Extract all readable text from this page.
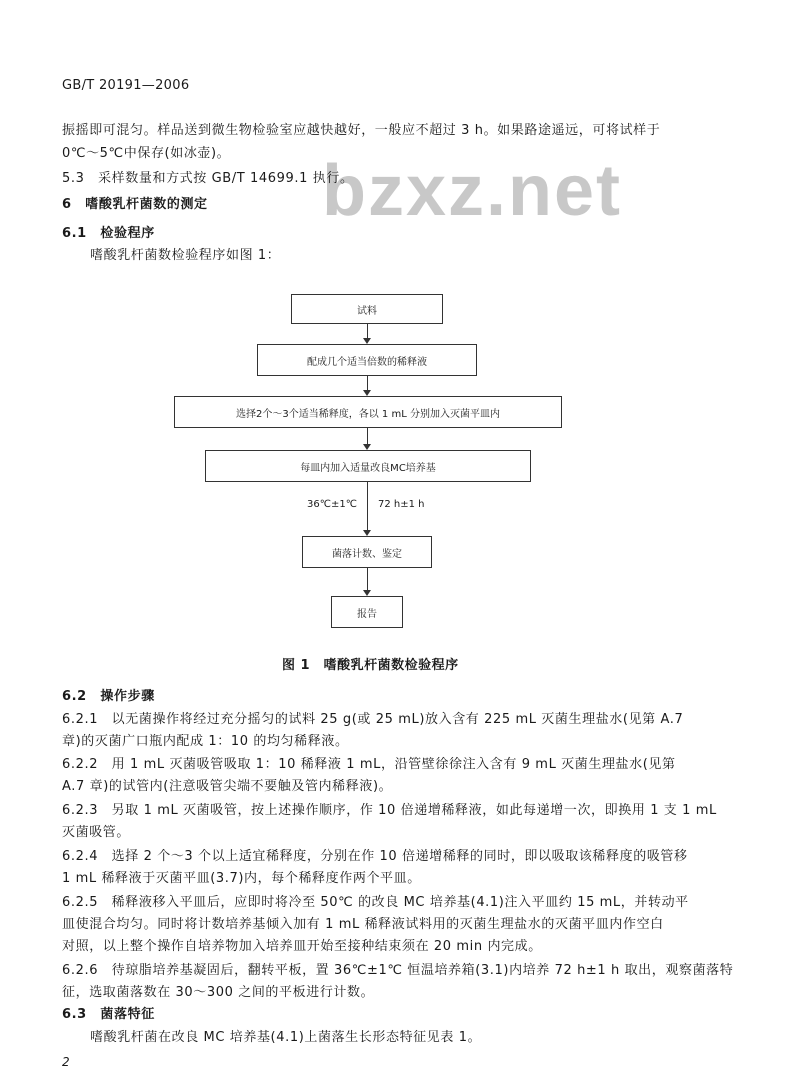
GB/T 20191—2006
bzxz.net
振摇即可混匀。样品送到微生物检验室应越快越好，一般应不超过 3 h。如果路途遥远，可将试样于
0℃～5℃中保存(如冰壶)。
5.3　采样数量和方式按 GB/T 14699.1 执行。
6　嗜酸乳杆菌数的测定
6.1　检验程序
嗜酸乳杆菌数检验程序如图 1：
试料
配成几个适当倍数的稀释液
选择2个～3个适当稀释度，各以 1 mL 分别加入灭菌平皿内
每皿内加入适量改良MC培养基
36℃±1℃ 72 h±1 h
菌落计数、鉴定
报告
图 1　嗜酸乳杆菌数检验程序
6.2　操作步骤
6.2.1　以无菌操作将经过充分摇匀的试料 25 g(或 25 mL)放入含有 225 mL 灭菌生理盐水(见第 A.7
章)的灭菌广口瓶内配成 1：10 的均匀稀释液。
6.2.2　用 1 mL 灭菌吸管吸取 1：10 稀释液 1 mL，沿管壁徐徐注入含有 9 mL 灭菌生理盐水(见第
A.7 章)的试管内(注意吸管尖端不要触及管内稀释液)。
6.2.3　另取 1 mL 灭菌吸管，按上述操作顺序，作 10 倍递增稀释液，如此每递增一次，即换用 1 支 1 mL
灭菌吸管。
6.2.4　选择 2 个～3 个以上适宜稀释度，分别在作 10 倍递增稀释的同时，即以吸取该稀释度的吸管移
1 mL 稀释液于灭菌平皿(3.7)内，每个稀释度作两个平皿。
6.2.5　稀释液移入平皿后，应即时将冷至 50℃ 的改良 MC 培养基(4.1)注入平皿约 15 mL，并转动平
皿使混合均匀。同时将计数培养基倾入加有 1 mL 稀释液试料用的灭菌生理盐水的灭菌平皿内作空白
对照，以上整个操作自培养物加入培养皿开始至接种结束须在 20 min 内完成。
6.2.6　待琼脂培养基凝固后，翻转平板，置 36℃±1℃ 恒温培养箱(3.1)内培养 72 h±1 h 取出，观察菌落特
征，选取菌落数在 30～300 之间的平板进行计数。
6.3　菌落特征
嗜酸乳杆菌在改良 MC 培养基(4.1)上菌落生长形态特征见表 1。
2
